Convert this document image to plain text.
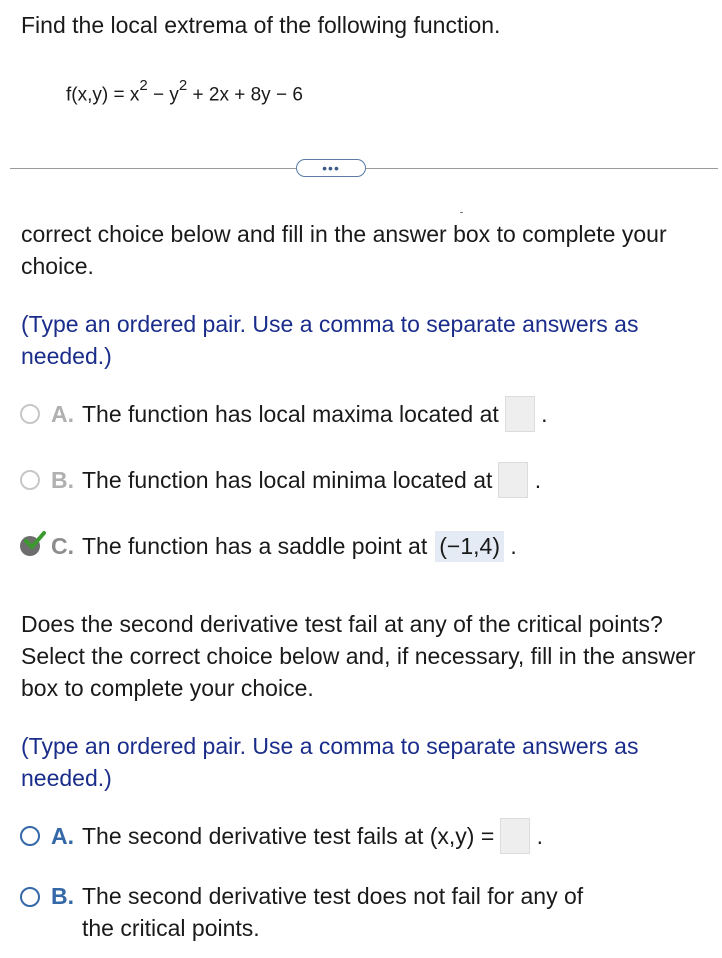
Find the local extrema of the following function.
$f(x,y) = x^2 - y^2 + 2x + 8y - 6$
•••
correct choice below and fill in the answer box to complete your choice.
(Type an ordered pair. Use a comma to separate answers as needed.)
A. The function has local maxima located at .
B. The function has local minima located at .
C. The function has a saddle point at (−1,4) .
Does the second derivative test fail at any of the critical points? Select the correct choice below and, if necessary, fill in the answer box to complete your choice.
(Type an ordered pair. Use a comma to separate answers as needed.)
A. The second derivative test fails at (x,y) = .
B. The second derivative test does not fail for any of
the critical points.
